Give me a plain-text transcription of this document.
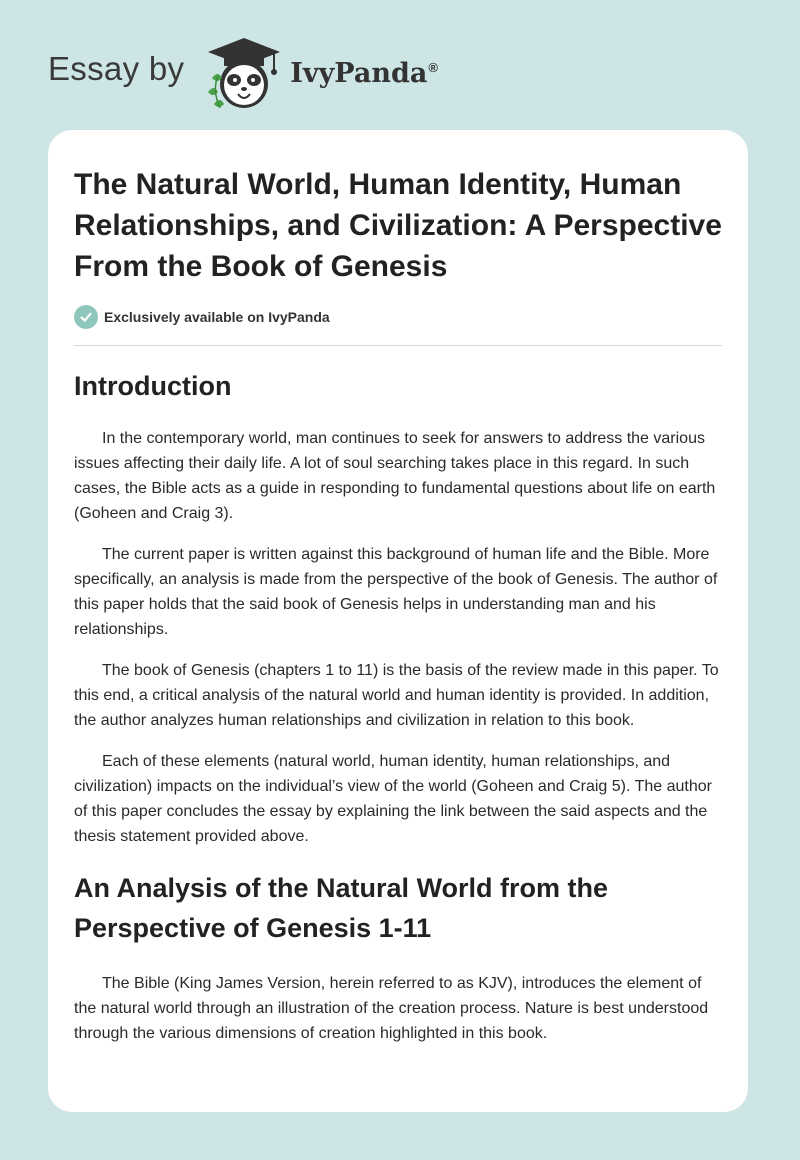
Essay by	IvyPanda®
The Natural World, Human Identity, Human Relationships, and Civilization: A Perspective From the Book of Genesis
Exclusively available on IvyPanda
Introduction

In the contemporary world, man continues to seek for answers to address the various issues affecting their daily life. A lot of soul searching takes place in this regard. In such cases, the Bible acts as a guide in responding to fundamental questions about life on earth (Goheen and Craig 3).

The current paper is written against this background of human life and the Bible. More specifically, an analysis is made from the perspective of the book of Genesis. The author of this paper holds that the said book of Genesis helps in understanding man and his relationships.

The book of Genesis (chapters 1 to 11) is the basis of the review made in this paper. To this end, a critical analysis of the natural world and human identity is provided. In addition, the author analyzes human relationships and civilization in relation to this book.

Each of these elements (natural world, human identity, human relationships, and civilization) impacts on the individual’s view of the world (Goheen and Craig 5). The author of this paper concludes the essay by explaining the link between the said aspects and the thesis statement provided above.

An Analysis of the Natural World from the Perspective of Genesis 1-11

The Bible (King James Version, herein referred to as KJV), introduces the element of the natural world through an illustration of the creation process. Nature is best understood through the various dimensions of creation highlighted in this book.
